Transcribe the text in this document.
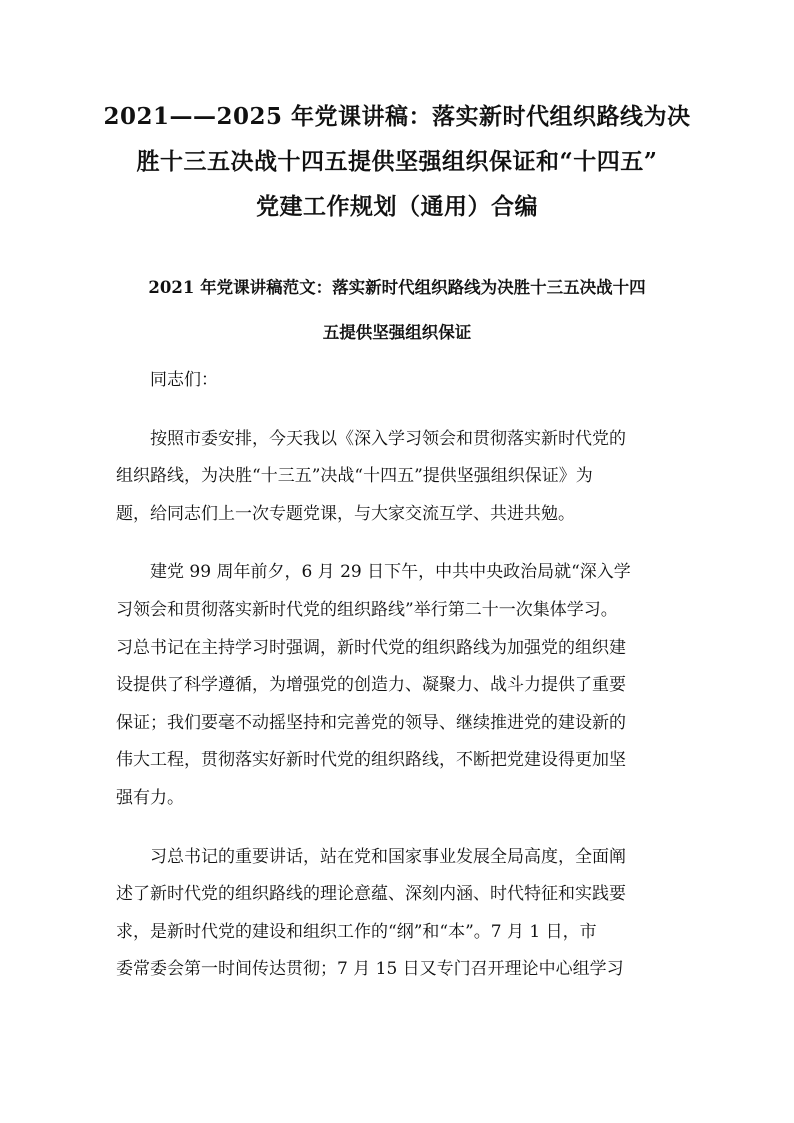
2021——2025 年党课讲稿：落实新时代组织路线为决
胜十三五决战十四五提供坚强组织保证和“十四五”
党建工作规划（通用）合编
2021 年党课讲稿范文：落实新时代组织路线为决胜十三五决战十四
五提供坚强组织保证

同志们：

按照市委安排，今天我以《深入学习领会和贯彻落实新时代党的
组织路线，为决胜“十三五”决战“十四五”提供坚强组织保证》为
题，给同志们上一次专题党课，与大家交流互学、共进共勉。

建党 99 周年前夕，6 月 29 日下午，中共中央政治局就“深入学
习领会和贯彻落实新时代党的组织路线”举行第二十一次集体学习。
习总书记在主持学习时强调，新时代党的组织路线为加强党的组织建
设提供了科学遵循，为增强党的创造力、凝聚力、战斗力提供了重要
保证；我们要毫不动摇坚持和完善党的领导、继续推进党的建设新的
伟大工程，贯彻落实好新时代党的组织路线，不断把党建设得更加坚
强有力。

习总书记的重要讲话，站在党和国家事业发展全局高度，全面阐
述了新时代党的组织路线的理论意蕴、深刻内涵、时代特征和实践要
求，是新时代党的建设和组织工作的“纲”和“本”。7 月 1 日，市
委常委会第一时间传达贯彻；7 月 15 日又专门召开理论中心组学习
